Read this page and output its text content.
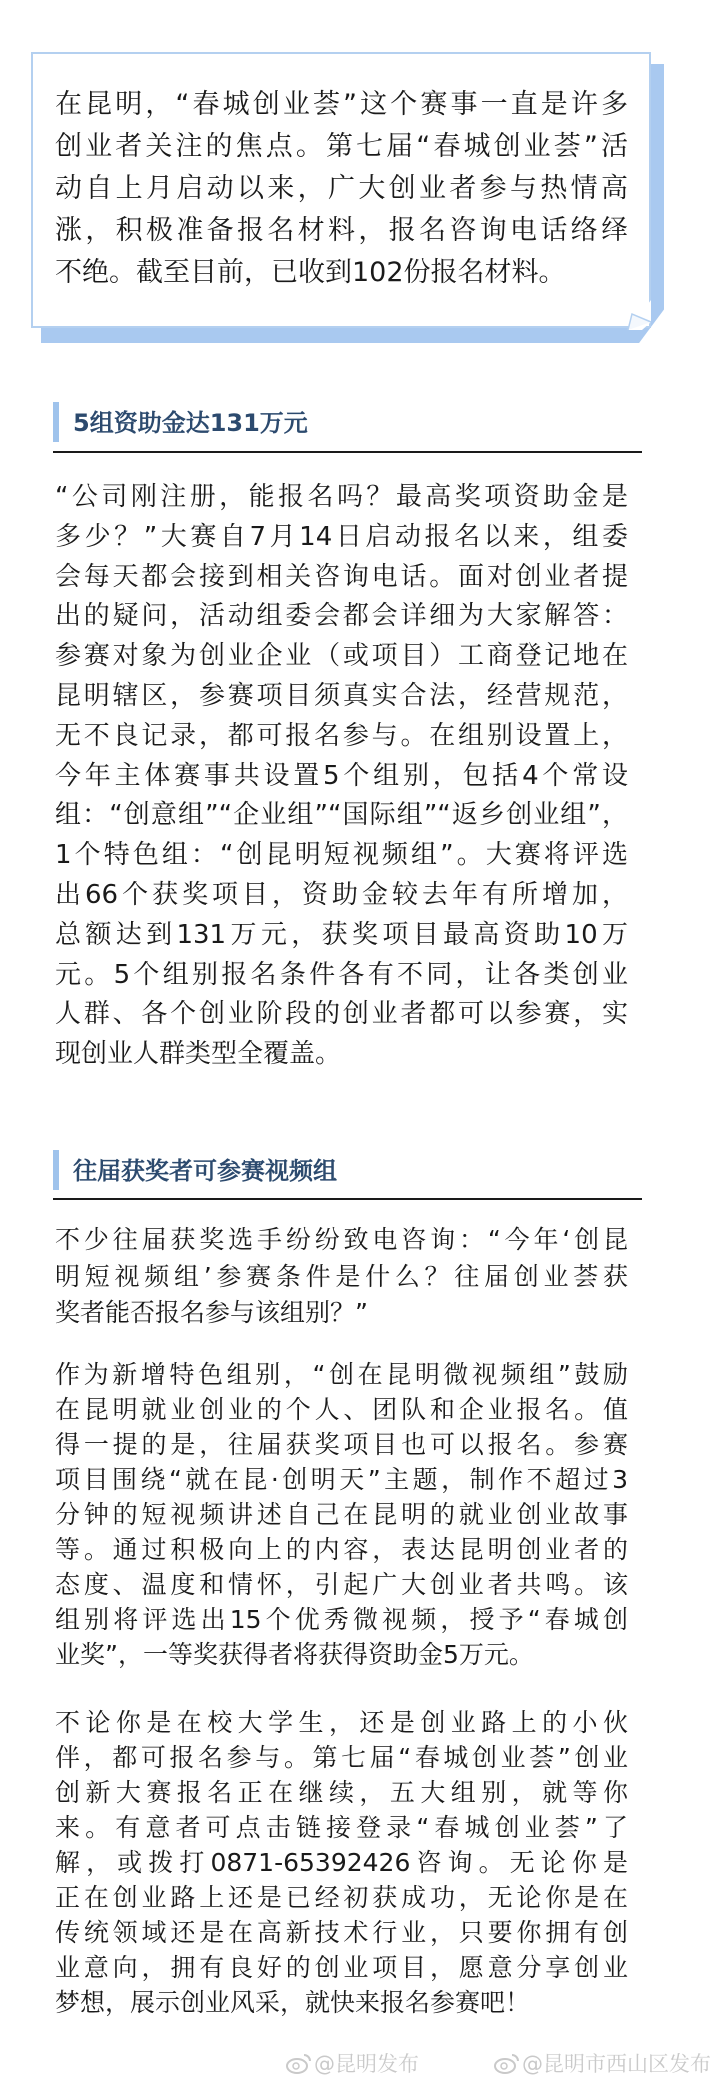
在昆明，“春城创业荟”这个赛事一直是许多
创业者关注的焦点。第七届“春城创业荟”活
动自上月启动以来，广大创业者参与热情高
涨，积极准备报名材料，报名咨询电话络绎
不绝。截至目前，已收到102份报名材料。
5组资助金达131万元
“公司刚注册，能报名吗？最高奖项资助金是
多少？”大赛自7月14日启动报名以来，组委
会每天都会接到相关咨询电话。面对创业者提
出的疑问，活动组委会都会详细为大家解答：
参赛对象为创业企业（或项目）工商登记地在
昆明辖区，参赛项目须真实合法，经营规范，
无不良记录，都可报名参与。在组别设置上，
今年主体赛事共设置5个组别，包括4个常设
组：“创意组”“企业组”“国际组”“返乡创业组”，
1个特色组：“创昆明短视频组”。大赛将评选
出66个获奖项目，资助金较去年有所增加，
总额达到131万元，获奖项目最高资助10万
元。5个组别报名条件各有不同，让各类创业
人群、各个创业阶段的创业者都可以参赛，实
现创业人群类型全覆盖。
往届获奖者可参赛视频组
不少往届获奖选手纷纷致电咨询：“今年‘创昆
明短视频组’参赛条件是什么？往届创业荟获
奖者能否报名参与该组别？”
作为新增特色组别，“创在昆明微视频组”鼓励
在昆明就业创业的个人、团队和企业报名。值
得一提的是，往届获奖项目也可以报名。参赛
项目围绕“就在昆·创明天”主题，制作不超过3
分钟的短视频讲述自己在昆明的就业创业故事
等。通过积极向上的内容，表达昆明创业者的
态度、温度和情怀，引起广大创业者共鸣。该
组别将评选出15个优秀微视频，授予“春城创
业奖”，一等奖获得者将获得资助金5万元。
不论你是在校大学生，还是创业路上的小伙
伴，都可报名参与。第七届“春城创业荟”创业
创新大赛报名正在继续，五大组别，就等你
来。有意者可点击链接登录“春城创业荟”了
解，或拨打0871-65392426咨询。无论你是
正在创业路上还是已经初获成功，无论你是在
传统领域还是在高新技术行业，只要你拥有创
业意向，拥有良好的创业项目，愿意分享创业
梦想，展示创业风采，就快来报名参赛吧！
@昆明发布	@昆明市西山区发布
